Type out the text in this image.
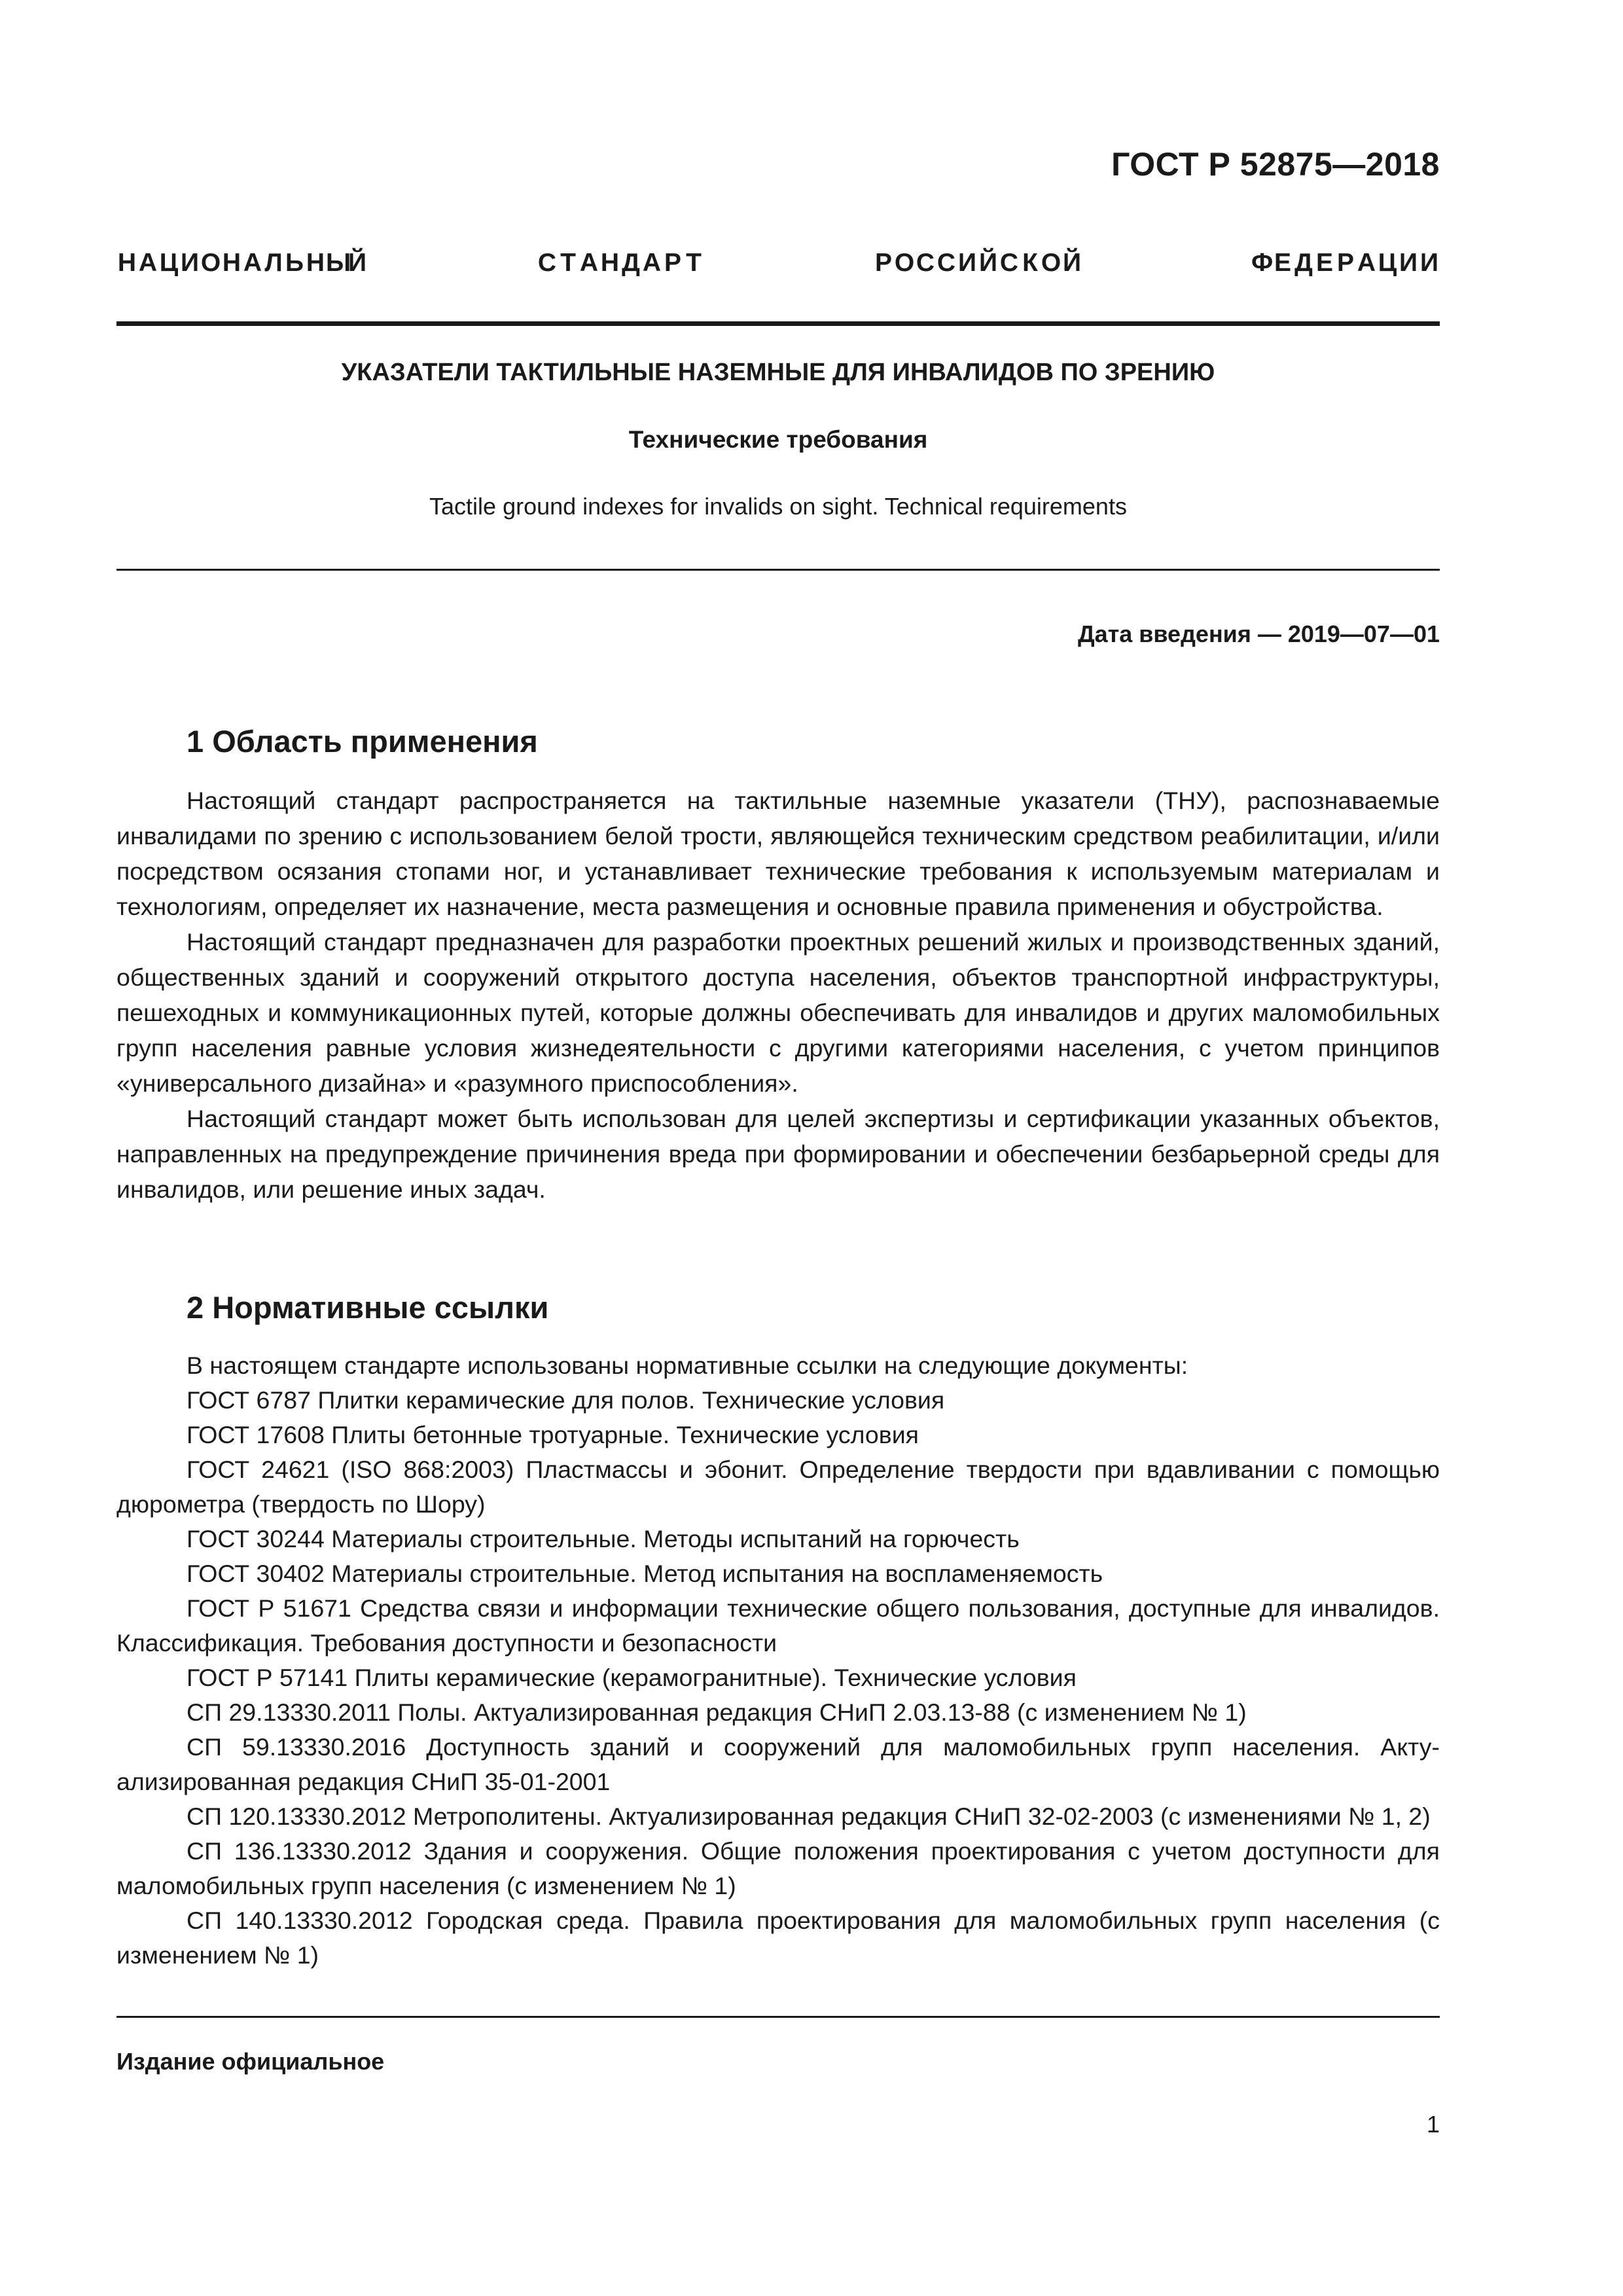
ГОСТ Р 52875—2018
Н А Ц И О Н А Л Ь Н Ы
Й	С Т А Н Д А Р Т	Р О С С И Й С К О Й	Ф Е Д Е Р А Ц И И
УКАЗАТЕЛИ ТАКТИЛЬНЫЕ НАЗЕМНЫЕ ДЛЯ ИНВАЛИДОВ ПО ЗРЕНИЮ
Технические требования
Tactile ground indexes for invalids on sight. Technical requirements
Дата введения — 2019—07—01
1 Область применения

Настоящий стандарт распространяется на тактильные наземные указатели (ТНУ), распознаваемые инвалидами по зрению с использованием белой трости, являющейся техническим средством реабилитации, и/или посредством осязания стопами ног, и устанавливает технические требования к используемым материалам и технологиям, определяет их назначение, места размещения и основные правила применения и обустройства.

Настоящий стандарт предназначен для разработки проектных решений жилых и производственных зданий, общественных зданий и сооружений открытого доступа населения, объектов транспортной инфраструктуры, пешеходных и коммуникационных путей, которые должны обеспечивать для инвалидов и других маломобильных групп населения равные условия жизнедеятельности с другими категориями населения, с учетом принципов «универсального дизайна» и «разумного приспособления».

Настоящий стандарт может быть использован для целей экспертизы и сертификации указанных объектов, направленных на предупреждение причинения вреда при формировании и обеспечении безбарьерной среды для инвалидов, или решение иных задач.

2 Нормативные ссылки

В настоящем стандарте использованы нормативные ссылки на следующие документы:

ГОСТ 6787 Плитки керамические для полов. Технические условия

ГОСТ 17608 Плиты бетонные тротуарные. Технические условия

ГОСТ 24621 (ISO 868:2003) Пластмассы и эбонит. Определение твердости при вдавливании с помощью дюрометра (твердость по Шору)

ГОСТ 30244 Материалы строительные. Методы испытаний на горючесть

ГОСТ 30402 Материалы строительные. Метод испытания на воспламеняемость

ГОСТ Р 51671 Средства связи и информации технические общего пользования, доступные для инвалидов. Классификация. Требования доступности и безопасности

ГОСТ Р 57141 Плиты керамические (керамогранитные). Технические условия

СП 29.13330.2011 Полы. Актуализированная редакция СНиП 2.03.13-88 (с изменением № 1)

СП 59.13330.2016 Доступность зданий и сооружений для маломобильных групп населения. Актуализированная редакция СНиП 35-01-2001

СП 120.13330.2012 Метрополитены. Актуализированная редакция СНиП 32-02-2003 (с изменениями № 1, 2)

СП 136.13330.2012 Здания и сооружения. Общие положения проектирования с учетом доступности для маломобильных групп населения (с изменением № 1)

СП 140.13330.2012 Городская среда. Правила проектирования для маломобильных групп населения (с изменением № 1)

Издание официальное
1
